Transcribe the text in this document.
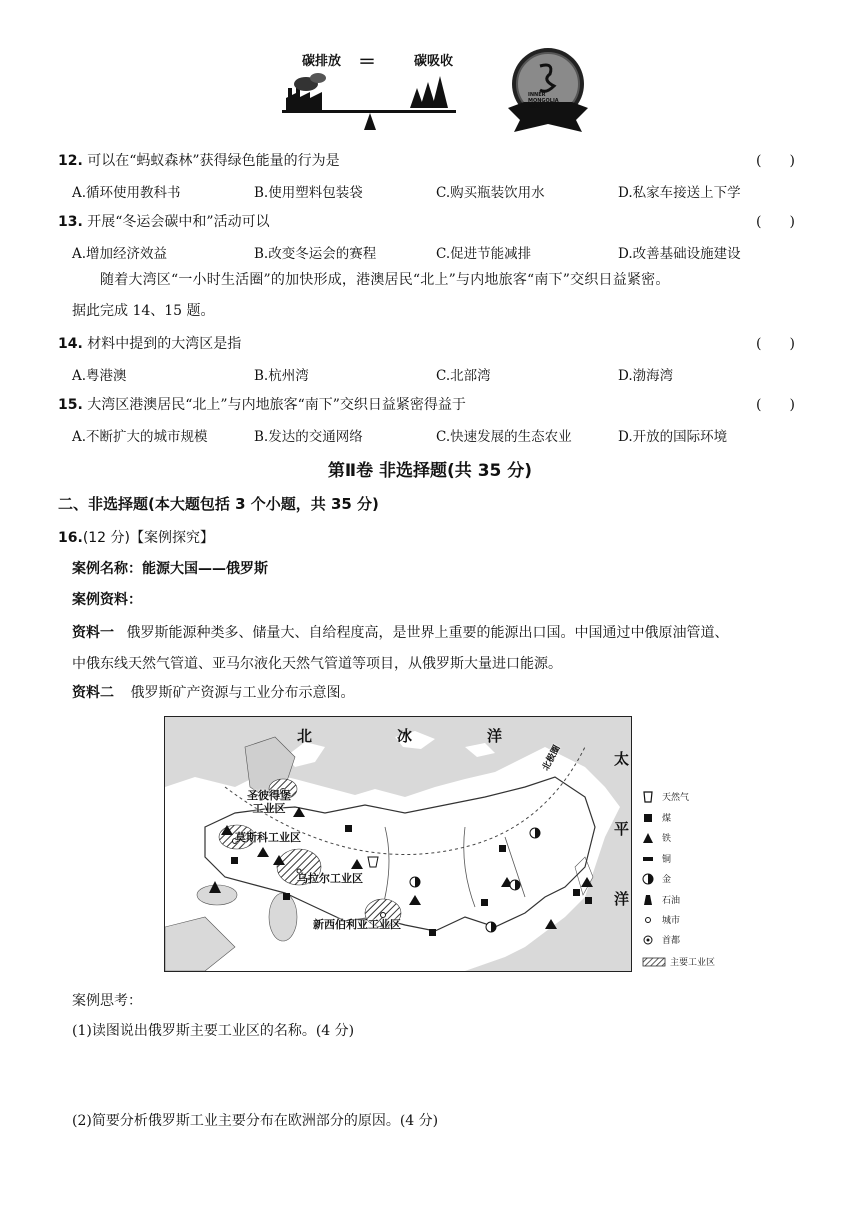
碳排放 ＝	碳吸收
INNER MONGOLIA 2024
12. 可以在“蚂蚁森林”获得绿色能量的行为是	(　　)
A.循环使用教科书	B.使用塑料包装袋	C.购买瓶装饮用水	D.私家车接送上下学
13. 开展“冬运会碳中和”活动可以	(　　)
A.增加经济效益	B.改变冬运会的赛程	C.促进节能减排	D.改善基础设施建设
随着大湾区“一小时生活圈”的加快形成，港澳居民“北上”与内地旅客“南下”交织日益紧密。
据此完成 14、15 题。
14. 材料中提到的大湾区是指	(　　)
A.粤港澳	B.杭州湾	C.北部湾	D.渤海湾
15. 大湾区港澳居民“北上”与内地旅客“南下”交织日益紧密得益于	(　　)
A.不断扩大的城市规模	B.发达的交通网络	C.快速发展的生态农业	D.开放的国际环境
第Ⅱ卷 非选择题(共 35 分)
二、非选择题(本大题包括 3 个小题，共 35 分)
16.(12 分)【案例探究】
案例名称：能源大国——俄罗斯
案例资料：
资料一 俄罗斯能源种类多、储量大、自给程度高，是世界上重要的能源出口国。中国通过中俄原油管道、
中俄东线天然气管道、亚马尔液化天然气管道等项目，从俄罗斯大量进口能源。
资料二 俄罗斯矿产资源与工业分布示意图。
北	冰	洋
北极圈
圣彼得堡
工业区
莫斯科工业区
乌拉尔工业区
新西伯利亚工业区
太
平
洋
天然气
煤
铁
铜
金
石油
城市
首都
主要工业区
案例思考：
(1)读图说出俄罗斯主要工业区的名称。(4 分)
(2)简要分析俄罗斯工业主要分布在欧洲部分的原因。(4 分)
